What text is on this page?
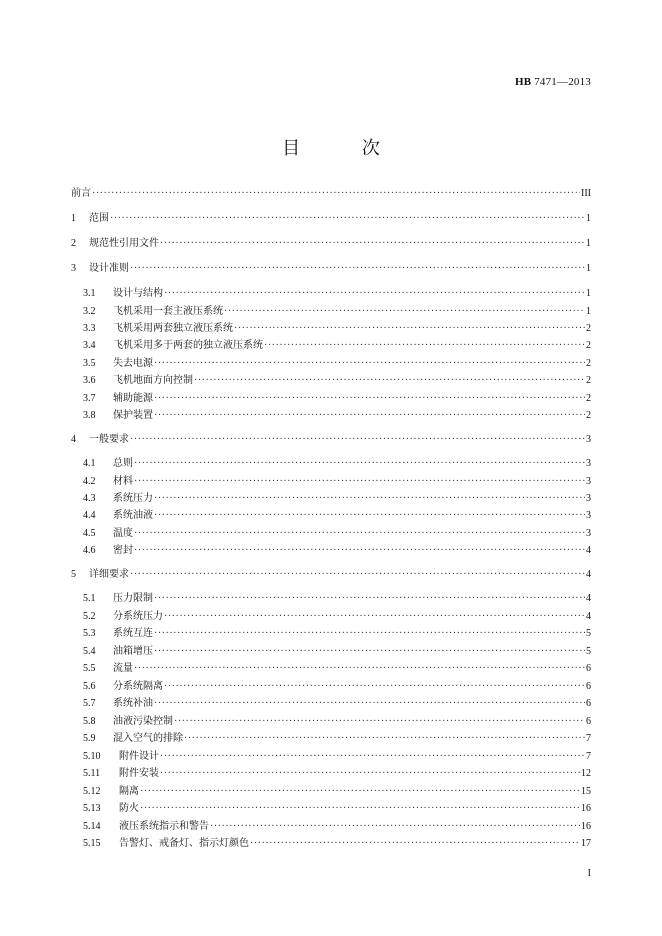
HB 7471—2013
目 次
前言 ·····	III
1	范围 ·····	1
2	规范性引用文件 ·····	1
3	设计准则 ·····	1
3.1	设计与结构 ·····	1
3.2	飞机采用一套主液压系统 ·····	1
3.3	飞机采用两套独立液压系统 ·····	2
3.4	飞机采用多于两套的独立液压系统 ·····	2
3.5	失去电源 ·····	2
3.6	飞机地面方向控制 ·····	2
3.7	辅助能源 ·····	2
3.8	保护装置 ·····	2
4	一般要求 ·····	3
4.1	总则 ·····	3
4.2	材料 ·····	3
4.3	系统压力 ·····	3
4.4	系统油液 ·····	3
4.5	温度 ·····	3
4.6	密封 ·····	4
5	详细要求 ·····	4
5.1	压力限制 ·····	4
5.2	分系统压力 ·····	4
5.3	系统互连 ·····	5
5.4	油箱增压 ·····	5
5.5	流量 ·····	6
5.6	分系统隔离 ·····	6
5.7	系统补油 ·····	6
5.8	油液污染控制 ·····	6
5.9	混入空气的排除 ·····	7
5.10	附件设计 ·····	7
5.11	附件安装 ·····	12
5.12	隔离 ·····	15
5.13	防火 ·····	16
5.14	液压系统指示和警告 ·····	16
5.15	告警灯、戒备灯、指示灯颜色 ·····	17
I
